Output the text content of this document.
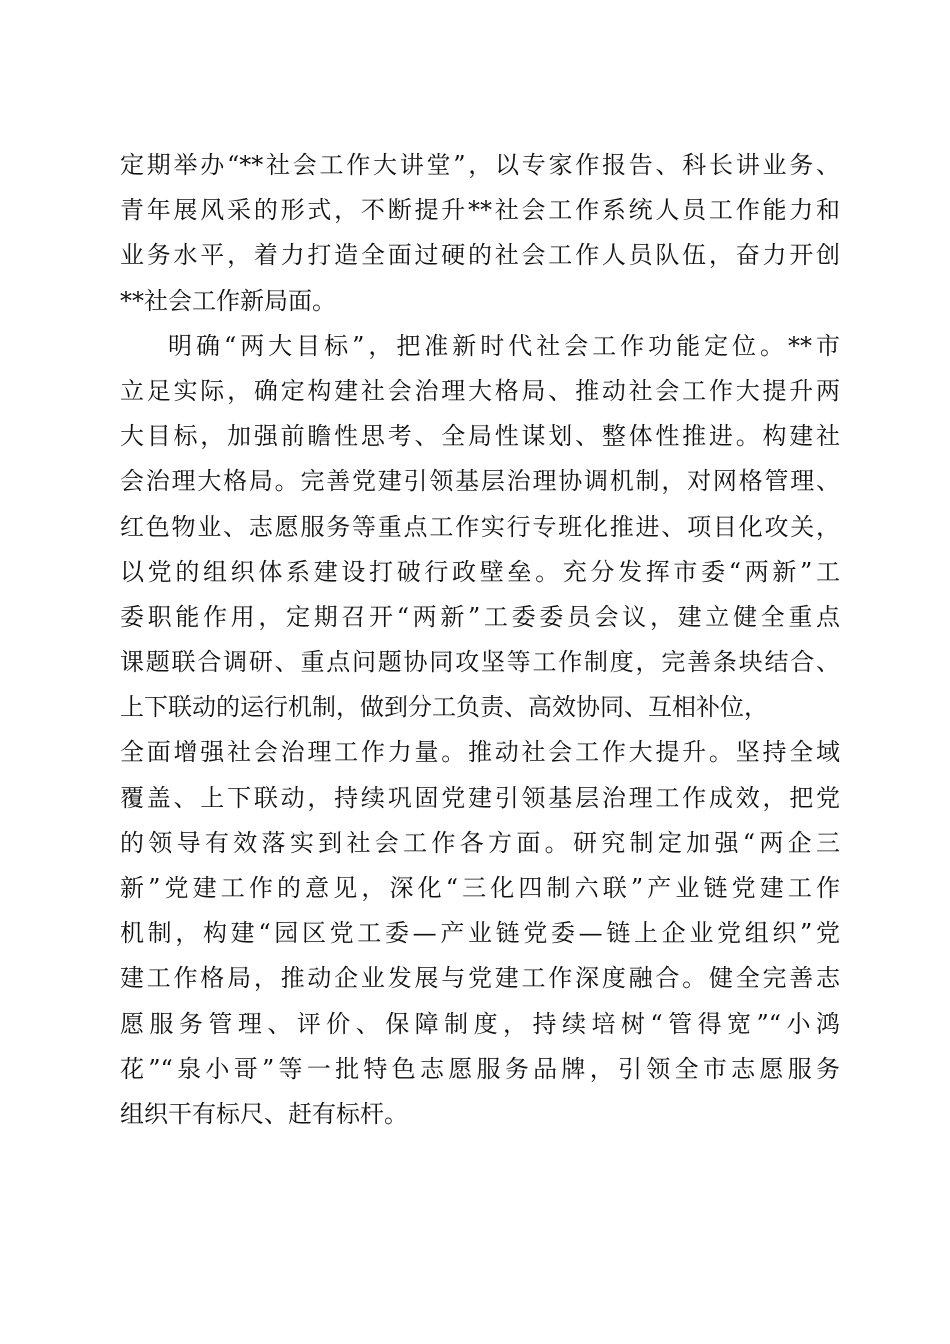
定期举办“**社会工作大讲堂”，以专家作报告、科长讲业务、
青年展风采的形式，不断提升**社会工作系统人员工作能力和
业务水平，着力打造全面过硬的社会工作人员队伍，奋力开创
**社会工作新局面。
明确“两大目标”，把准新时代社会工作功能定位。**市
立足实际，确定构建社会治理大格局、推动社会工作大提升两
大目标，加强前瞻性思考、全局性谋划、整体性推进。构建社
会治理大格局。完善党建引领基层治理协调机制，对网格管理、
红色物业、志愿服务等重点工作实行专班化推进、项目化攻关，
以党的组织体系建设打破行政壁垒。充分发挥市委“两新”工
委职能作用，定期召开“两新”工委委员会议，建立健全重点
课题联合调研、重点问题协同攻坚等工作制度，完善条块结合、
上下联动的运行机制，做到分工负责、高效协同、互相补位，
全面增强社会治理工作力量。推动社会工作大提升。坚持全域
覆盖、上下联动，持续巩固党建引领基层治理工作成效，把党
的领导有效落实到社会工作各方面。研究制定加强“两企三
新”党建工作的意见，深化“三化四制六联”产业链党建工作
机制，构建“园区党工委—产业链党委—链上企业党组织”党
建工作格局，推动企业发展与党建工作深度融合。健全完善志
愿服务管理、评价、保障制度，持续培树“管得宽”“小鸿
花”“泉小哥”等一批特色志愿服务品牌，引领全市志愿服务
组织干有标尺、赶有标杆。
